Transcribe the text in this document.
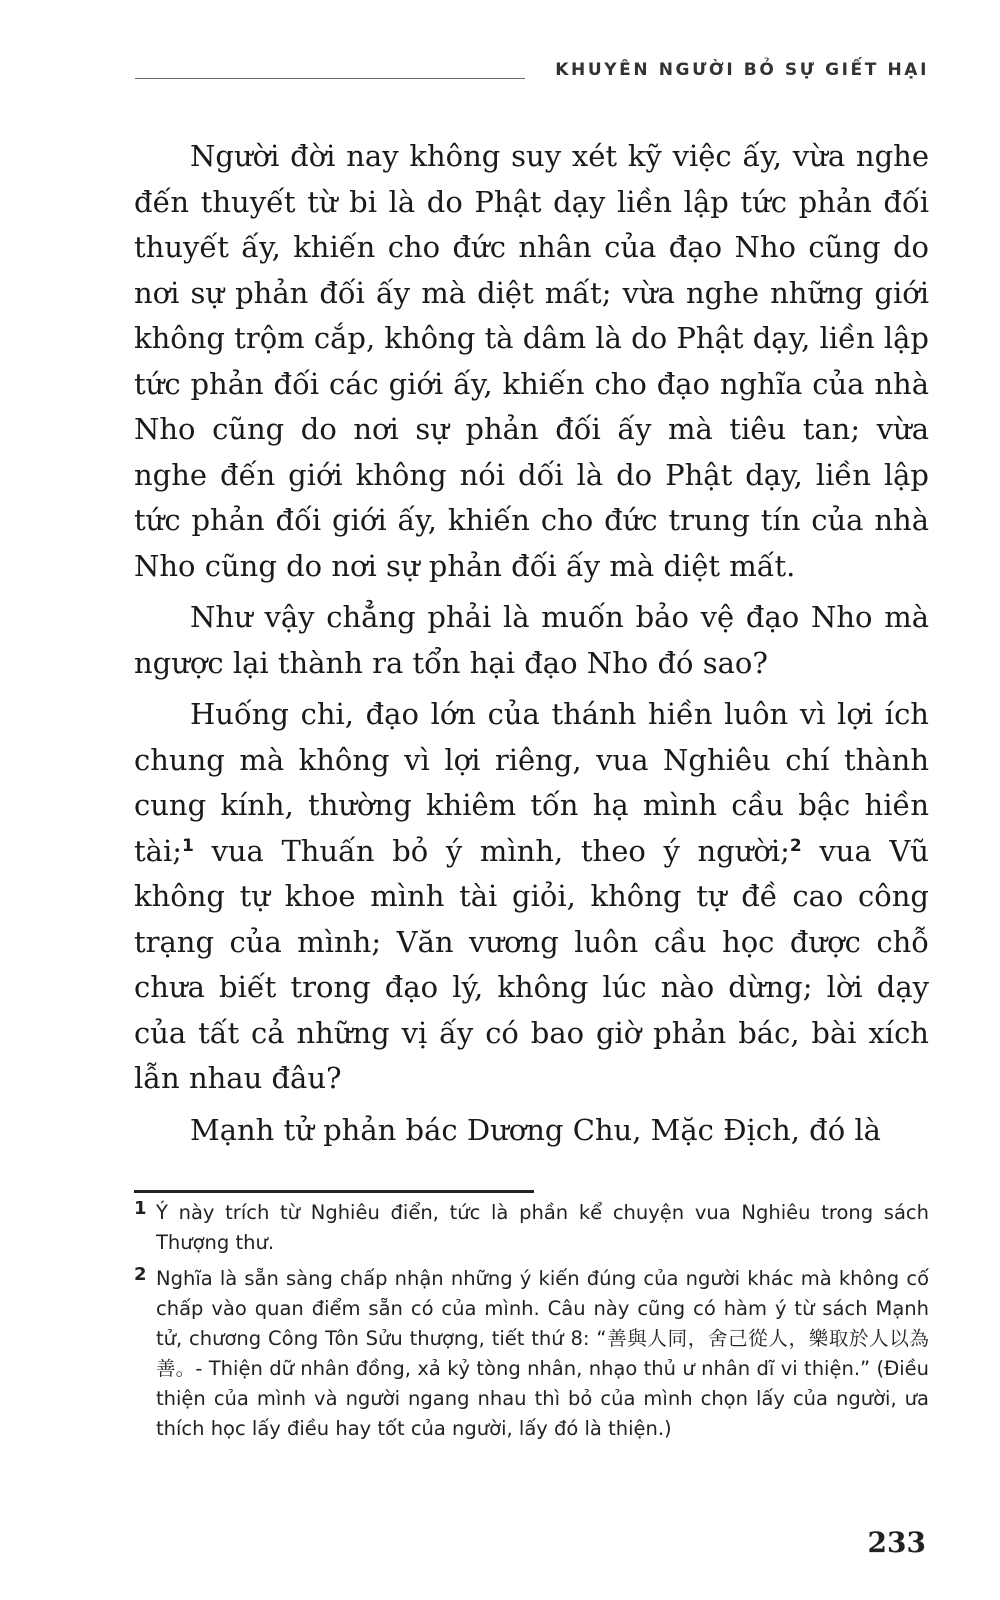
KHUYÊN NGƯỜI BỎ SỰ GIẾT HẠI

Người đời nay không suy xét kỹ việc ấy, vừa nghe đến thuyết từ bi là do Phật dạy liền lập tức phản đối thuyết ấy, khiến cho đức nhân của đạo Nho cũng do nơi sự phản đối ấy mà diệt mất; vừa nghe những giới không trộm cắp, không tà dâm là do Phật dạy, liền lập tức phản đối các giới ấy, khiến cho đạo nghĩa của nhà Nho cũng do nơi sự phản đối ấy mà tiêu tan; vừa nghe đến giới không nói dối là do Phật dạy, liền lập tức phản đối giới ấy, khiến cho đức trung tín của nhà Nho cũng do nơi sự phản đối ấy mà diệt mất.

Như vậy chẳng phải là muốn bảo vệ đạo Nho mà ngược lại thành ra tổn hại đạo Nho đó sao?

Huống chi, đạo lớn của thánh hiền luôn vì lợi ích chung mà không vì lợi riêng, vua Nghiêu chí thành cung kính, thường khiêm tốn hạ mình cầu bậc hiền tài;$^1$ vua Thuấn bỏ ý mình, theo ý người;$^2$ vua Vũ không tự khoe mình tài giỏi, không tự đề cao công trạng của mình; Văn vương luôn cầu học được chỗ chưa biết trong đạo lý, không lúc nào dừng; lời dạy của tất cả những vị ấy có bao giờ phản bác, bài xích lẫn nhau đâu?

Mạnh tử phản bác Dương Chu, Mặc Địch, đó là

1 Ý này trích từ Nghiêu điển, tức là phần kể chuyện vua Nghiêu trong sách Thượng thư.
2 Nghĩa là sẵn sàng chấp nhận những ý kiến đúng của người khác mà không cố chấp vào quan điểm sẵn có của mình. Câu này cũng có hàm ý từ sách Mạnh tử, chương Công Tôn Sửu thượng, tiết thứ 8: “善與人同，舍己從人，樂取於人以為善。- Thiện dữ nhân đồng, xả kỷ tòng nhân, nhạo thủ ư nhân dĩ vi thiện.” (Điều thiện của mình và người ngang nhau thì bỏ của mình chọn lấy của người, ưa thích học lấy điều hay tốt của người, lấy đó là thiện.)
233
